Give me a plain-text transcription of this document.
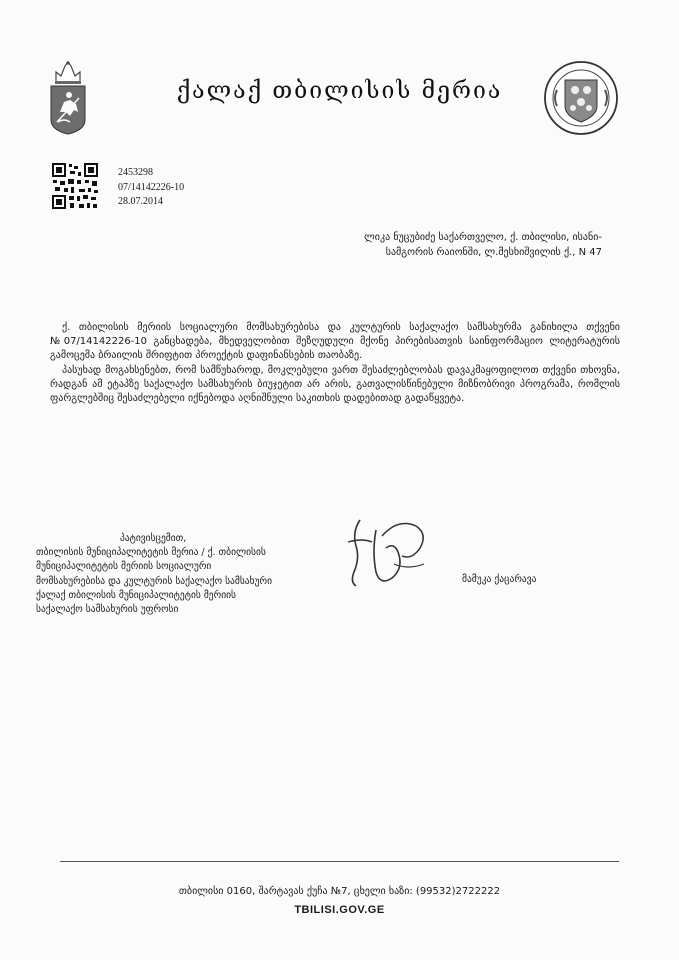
ქალაქ თბილისის მერია
2453298
07/14142226-10
28.07.2014
ლიკა ნუცუბიძე საქართველო, ქ. თბილისი, ისანი-
სამგორის რაიონში, ლ.მესხიშვილის ქ., N 47

ქ. თბილისის მერიის სოციალური მომსახურებისა და კულტურის საქალაქო სამსახურმა განიხილა თქვენი №07/14142226-10 განცხადება, მხედველობით შეზღუდული მქონე პირებისათვის საინფორმაციო ლიტერატურის გამოცემა ბრაილის შრიფტით პროექტის დაფინანსების თაობაზე.

პასუხად მოგახსენებთ, რომ სამწუხაროდ, მოკლებული ვართ შესაძლებლობას დავაკმაყოფილოთ თქვენი თხოვნა, რადგან ამ ეტაპზე საქალაქო სამსახურის ბიუჯეტით არ არის, გათვალისწინებული მიზნობრივი პროგრამა, რომლის ფარგლებშიც შესაძლებელი იქნებოდა აღნიშნული საკითხის დადებითად გადაწყვეტა.

პატივისცემით,
თბილისის მუნიციპალიტეტის მერია / ქ. თბილისის
მუნიციპალიტეტის მერიის სოციალური
მომსახურებისა და კულტურის საქალაქო სამსახური
ქალაქ თბილისის მუნიციპალიტეტის მერიის
საქალაქო სამსახურის უფროსი
მამუკა ქაცარავა
თბილისი 0160, შარტავას ქუჩა №7, ცხელი ხაზი: (99532)2722222
TBILISI.GOV.GE
